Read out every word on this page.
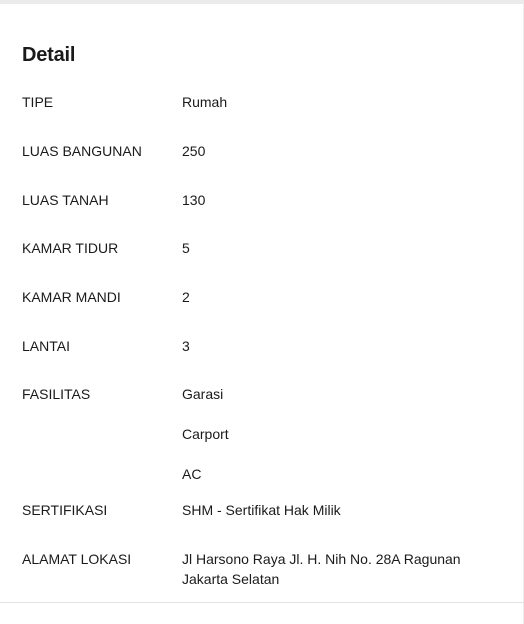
Detail
TIPE	Rumah
LUAS BANGUNAN	250
LUAS TANAH	130
KAMAR TIDUR	5
KAMAR MANDI	2
LANTAI	3
FASILITAS	Garasi
Carport
AC
SERTIFIKASI	SHM - Sertifikat Hak Milik
ALAMAT LOKASI	Jl Harsono Raya Jl. H. Nih No. 28A Ragunan
Jakarta Selatan
